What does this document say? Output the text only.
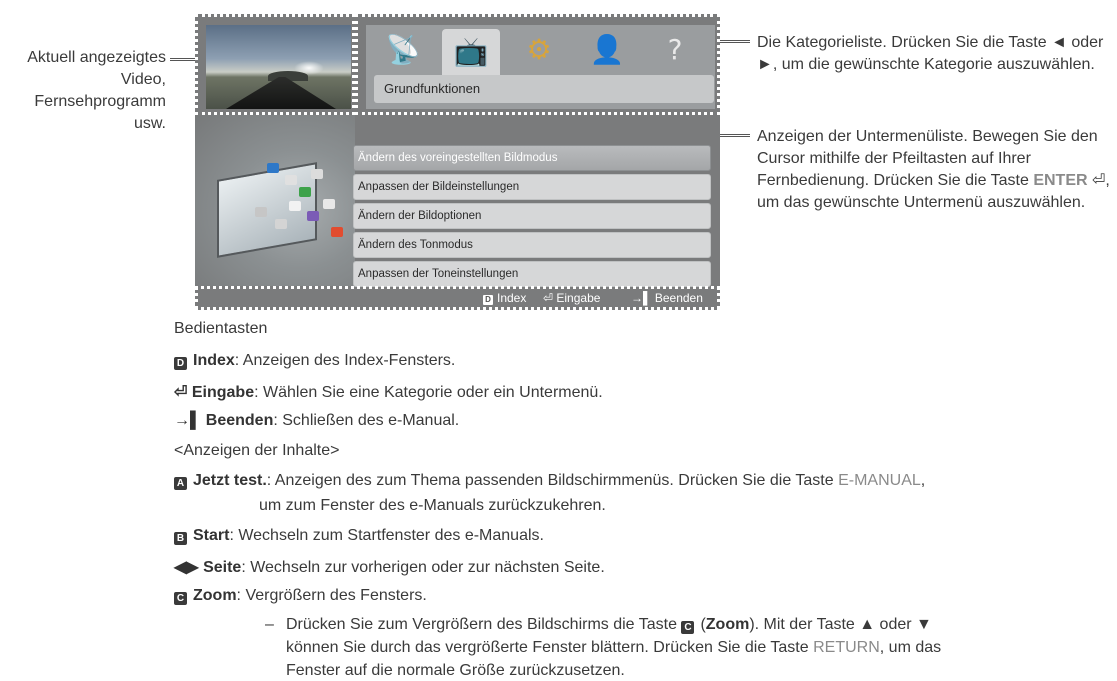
📡 📺 ⚙ 👤 ?
Grundfunktionen
Ändern des voreingestellten Bildmodus
Anpassen der Bildeinstellungen
Ändern der Bildoptionen
Ändern des Tonmodus
Anpassen der Toneinstellungen
D Index ⏎ Eingabe	→▌ Beenden
Aktuell angezeigtes Video, Fernsehprogramm usw.
Die Kategorieliste. Drücken Sie die Taste ◄ oder ►, um die gewünschte Kategorie auszuwählen.
Anzeigen der Untermenüliste. Bewegen Sie den Cursor mithilfe der Pfeiltasten auf Ihrer Fernbedienung. Drücken Sie die Taste ENTER ⏎, um das gewünschte Untermenü auszuwählen.
Bedientasten
D Index: Anzeigen des Index-Fensters.
⏎ Eingabe: Wählen Sie eine Kategorie oder ein Untermenü.
→▌ Beenden: Schließen des e-Manual.
<Anzeigen der Inhalte>
A Jetzt test.: Anzeigen des zum Thema passenden Bildschirmmenüs. Drücken Sie die Taste E-MANUAL,
um zum Fenster des e-Manuals zurückzukehren.
B Start: Wechseln zum Startfenster des e-Manuals.
◀▶ Seite: Wechseln zur vorherigen oder zur nächsten Seite.
C Zoom: Vergrößern des Fensters.
– Drücken Sie zum Vergrößern des Bildschirms die Taste C (Zoom). Mit der Taste ▲ oder ▼
können Sie durch das vergrößerte Fenster blättern. Drücken Sie die Taste RETURN, um das
Fenster auf die normale Größe zurückzusetzen.
